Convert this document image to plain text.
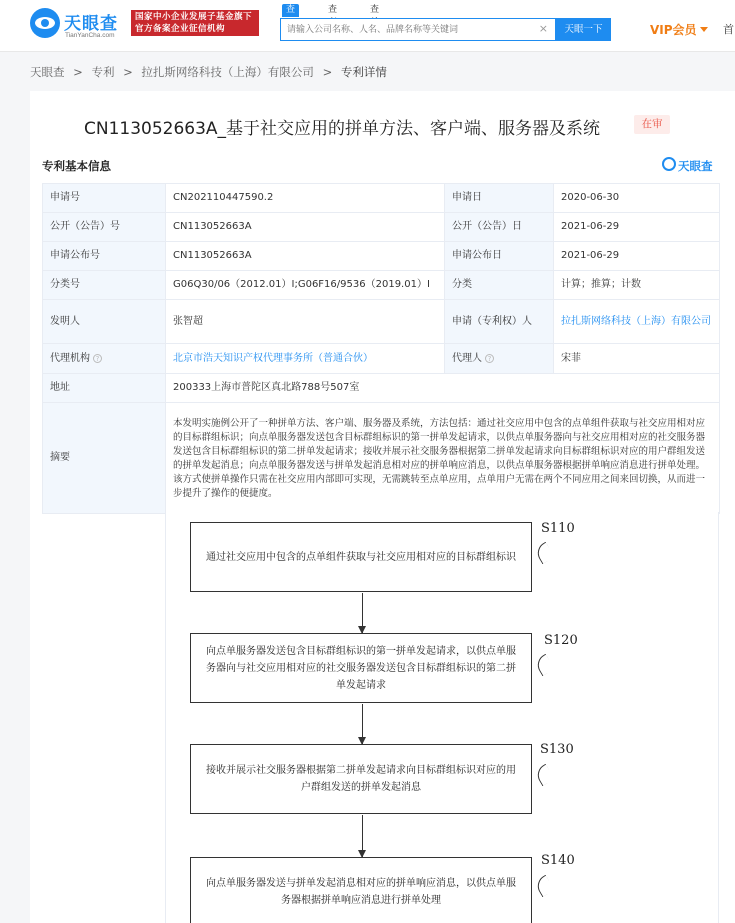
天眼查
TianYanCha.com
国家中小企业发展子基金旗下
官方备案企业征信机构
查	查	查
请输入公司名称、人名、品牌名称等关键词
×	天眼一下	VIP会员 首
天眼查 > 专利 > 拉扎斯网络科技（上海）有限公司 > 专利详情
CN113052663A_基于社交应用的拼单方法、客户端、服务器及系统	在审
专利基本信息	天眼查
申请号	CN202110447590.2	申请日	2020-06-30
公开（公告）号	CN113052663A	公开（公告）日	2021-06-29
申请公布号	CN113052663A	申请公布日	2021-06-29
分类号	G06Q30/06（2012.01）I;G06F16/9536（2019.01）I	分类	计算；推算；计数
发明人	张智超	申请（专利权）人	拉扎斯网络科技（上海）有限公司
代理机构 ?	北京市浩天知识产权代理事务所（普通合伙）	代理人 ?	宋菲
地址	200333上海市普陀区真北路788号507室		
摘要	本发明实施例公开了一种拼单方法、客户端、服务器及系统，方法包括：通过社交应用中包含的点单组件获取与社交应用相对应的目标群组标识；向点单服务器发送包含目标群组标识的第一拼单发起请求，以供点单服务器向与社交应用相对应的社交服务器发送包含目标群组标识的第二拼单发起请求；接收并展示社交服务器根据第二拼单发起请求向目标群组标识对应的用户群组发送的拼单发起消息；向点单服务器发送与拼单发起消息相对应的拼单响应消息，以供点单服务器根据拼单响应消息进行拼单处理。该方式使拼单操作只需在社交应用内部即可实现，无需跳转至点单应用，点单用户无需在两个不同应用之间来回切换，从而进一步提升了操作的便捷度。		
通过社交应用中包含的点单组件获取与社交应用相对应的目标群组标识
S110
向点单服务器发送包含目标群组标识的第一拼单发起请求，以供点单服务器向与社交应用相对应的社交服务器发送包含目标群组标识的第二拼单发起请求
S120
接收并展示社交服务器根据第二拼单发起请求向目标群组标识对应的用户群组发送的拼单发起消息
S130
向点单服务器发送与拼单发起消息相对应的拼单响应消息，以供点单服务器根据拼单响应消息进行拼单处理
S140
